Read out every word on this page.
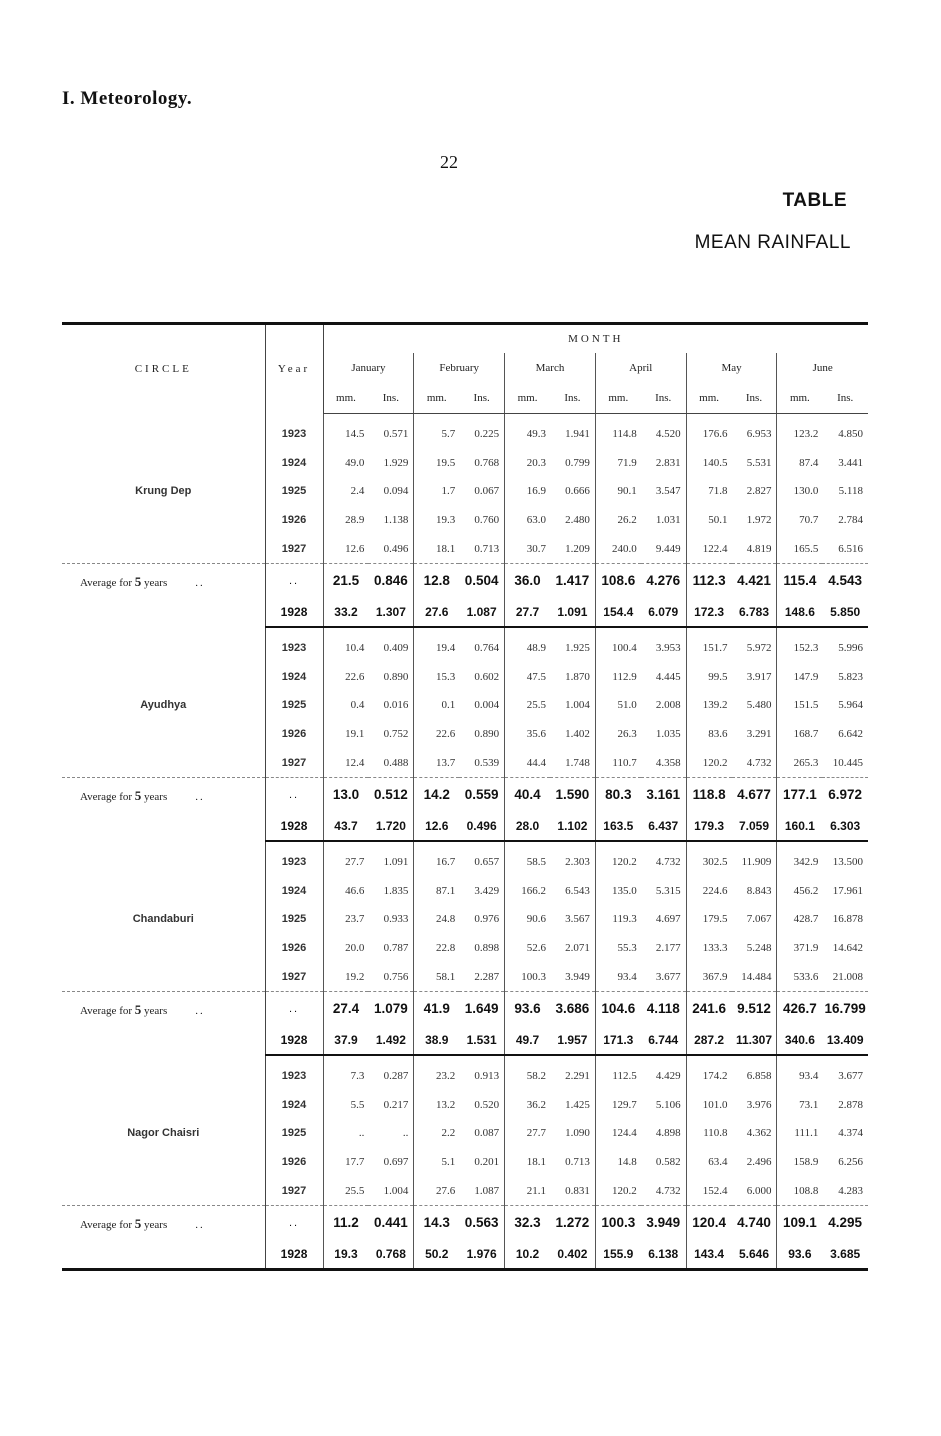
I. Meteorology.
22
TABLE
MEAN RAINFALL
CIRCLE	Year	MONTH											
		January		February		March		April		May		June	
		mm.	Ins.	mm.	Ins.	mm.	Ins.	mm.	Ins.	mm.	Ins.	mm.	Ins.
Krung Dep	1923	14.5	0.571	5.7	0.225	49.3	1.941	114.8	4.520	176.6	6.953	123.2	4.850
	1924	49.0	1.929	19.5	0.768	20.3	0.799	71.9	2.831	140.5	5.531	87.4	3.441
	1925	2.4	0.094	1.7	0.067	16.9	0.666	90.1	3.547	71.8	2.827	130.0	5.118
	1926	28.9	1.138	19.3	0.760	63.0	2.480	26.2	1.031	50.1	1.972	70.7	2.784
	1927	12.6	0.496	18.1	0.713	30.7	1.209	240.0	9.449	122.4	4.819	165.5	6.516
Average for 5 years ..	..	21.5	0.846	12.8	0.504	36.0	1.417	108.6	4.276	112.3	4.421	115.4	4.543
	1928	33.2	1.307	27.6	1.087	27.7	1.091	154.4	6.079	172.3	6.783	148.6	5.850
Ayudhya	1923	10.4	0.409	19.4	0.764	48.9	1.925	100.4	3.953	151.7	5.972	152.3	5.996
	1924	22.6	0.890	15.3	0.602	47.5	1.870	112.9	4.445	99.5	3.917	147.9	5.823
	1925	0.4	0.016	0.1	0.004	25.5	1.004	51.0	2.008	139.2	5.480	151.5	5.964
	1926	19.1	0.752	22.6	0.890	35.6	1.402	26.3	1.035	83.6	3.291	168.7	6.642
	1927	12.4	0.488	13.7	0.539	44.4	1.748	110.7	4.358	120.2	4.732	265.3	10.445
Average for 5 years ..	..	13.0	0.512	14.2	0.559	40.4	1.590	80.3	3.161	118.8	4.677	177.1	6.972
	1928	43.7	1.720	12.6	0.496	28.0	1.102	163.5	6.437	179.3	7.059	160.1	6.303
Chandaburi	1923	27.7	1.091	16.7	0.657	58.5	2.303	120.2	4.732	302.5	11.909	342.9	13.500
	1924	46.6	1.835	87.1	3.429	166.2	6.543	135.0	5.315	224.6	8.843	456.2	17.961
	1925	23.7	0.933	24.8	0.976	90.6	3.567	119.3	4.697	179.5	7.067	428.7	16.878
	1926	20.0	0.787	22.8	0.898	52.6	2.071	55.3	2.177	133.3	5.248	371.9	14.642
	1927	19.2	0.756	58.1	2.287	100.3	3.949	93.4	3.677	367.9	14.484	533.6	21.008
Average for 5 years ..	..	27.4	1.079	41.9	1.649	93.6	3.686	104.6	4.118	241.6	9.512	426.7	16.799
	1928	37.9	1.492	38.9	1.531	49.7	1.957	171.3	6.744	287.2	11.307	340.6	13.409
Nagor Chaisri	1923	7.3	0.287	23.2	0.913	58.2	2.291	112.5	4.429	174.2	6.858	93.4	3.677
	1924	5.5	0.217	13.2	0.520	36.2	1.425	129.7	5.106	101.0	3.976	73.1	2.878
	1925	..	..	2.2	0.087	27.7	1.090	124.4	4.898	110.8	4.362	111.1	4.374
	1926	17.7	0.697	5.1	0.201	18.1	0.713	14.8	0.582	63.4	2.496	158.9	6.256
	1927	25.5	1.004	27.6	1.087	21.1	0.831	120.2	4.732	152.4	6.000	108.8	4.283
Average for 5 years ..	..	11.2	0.441	14.3	0.563	32.3	1.272	100.3	3.949	120.4	4.740	109.1	4.295
	1928	19.3	0.768	50.2	1.976	10.2	0.402	155.9	6.138	143.4	5.646	93.6	3.685
